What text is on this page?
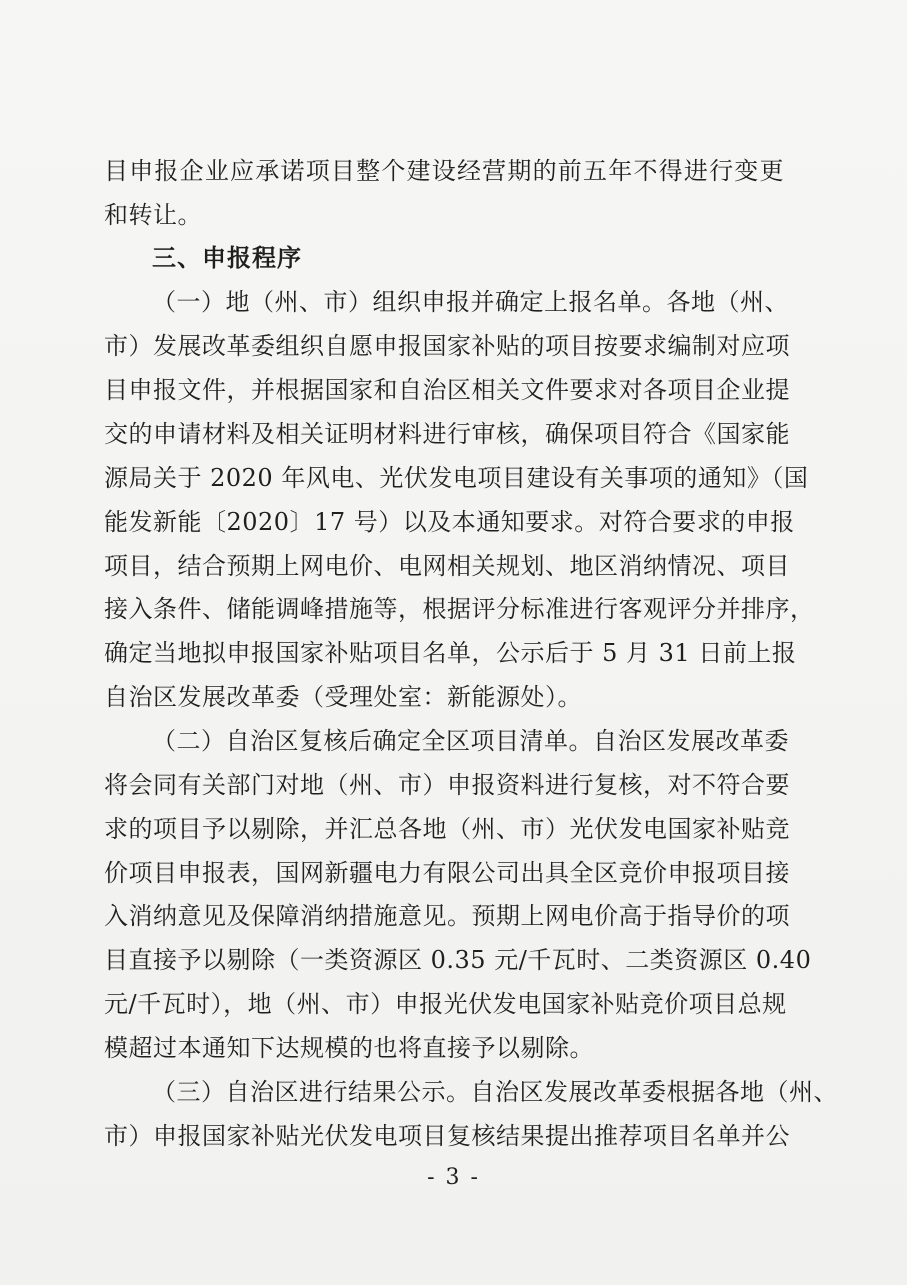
目申报企业应承诺项目整个建设经营期的前五年不得进行变更
和转让。
三、申报程序
（一）地（州、市）组织申报并确定上报名单。各地（州、
市）发展改革委组织自愿申报国家补贴的项目按要求编制对应项
目申报文件，并根据国家和自治区相关文件要求对各项目企业提
交的申请材料及相关证明材料进行审核，确保项目符合《国家能
源局关于 2020 年风电、光伏发电项目建设有关事项的通知》（国
能发新能〔2020〕17 号）以及本通知要求。对符合要求的申报
项目，结合预期上网电价、电网相关规划、地区消纳情况、项目
接入条件、储能调峰措施等，根据评分标准进行客观评分并排序，
确定当地拟申报国家补贴项目名单，公示后于 5 月 31 日前上报
自治区发展改革委（受理处室：新能源处）。
（二）自治区复核后确定全区项目清单。自治区发展改革委
将会同有关部门对地（州、市）申报资料进行复核，对不符合要
求的项目予以剔除，并汇总各地（州、市）光伏发电国家补贴竞
价项目申报表，国网新疆电力有限公司出具全区竞价申报项目接
入消纳意见及保障消纳措施意见。预期上网电价高于指导价的项
目直接予以剔除（一类资源区 0.35 元/千瓦时、二类资源区 0.40
元/千瓦时），地（州、市）申报光伏发电国家补贴竞价项目总规
模超过本通知下达规模的也将直接予以剔除。
（三）自治区进行结果公示。自治区发展改革委根据各地（州、
市）申报国家补贴光伏发电项目复核结果提出推荐项目名单并公
- 3 -
